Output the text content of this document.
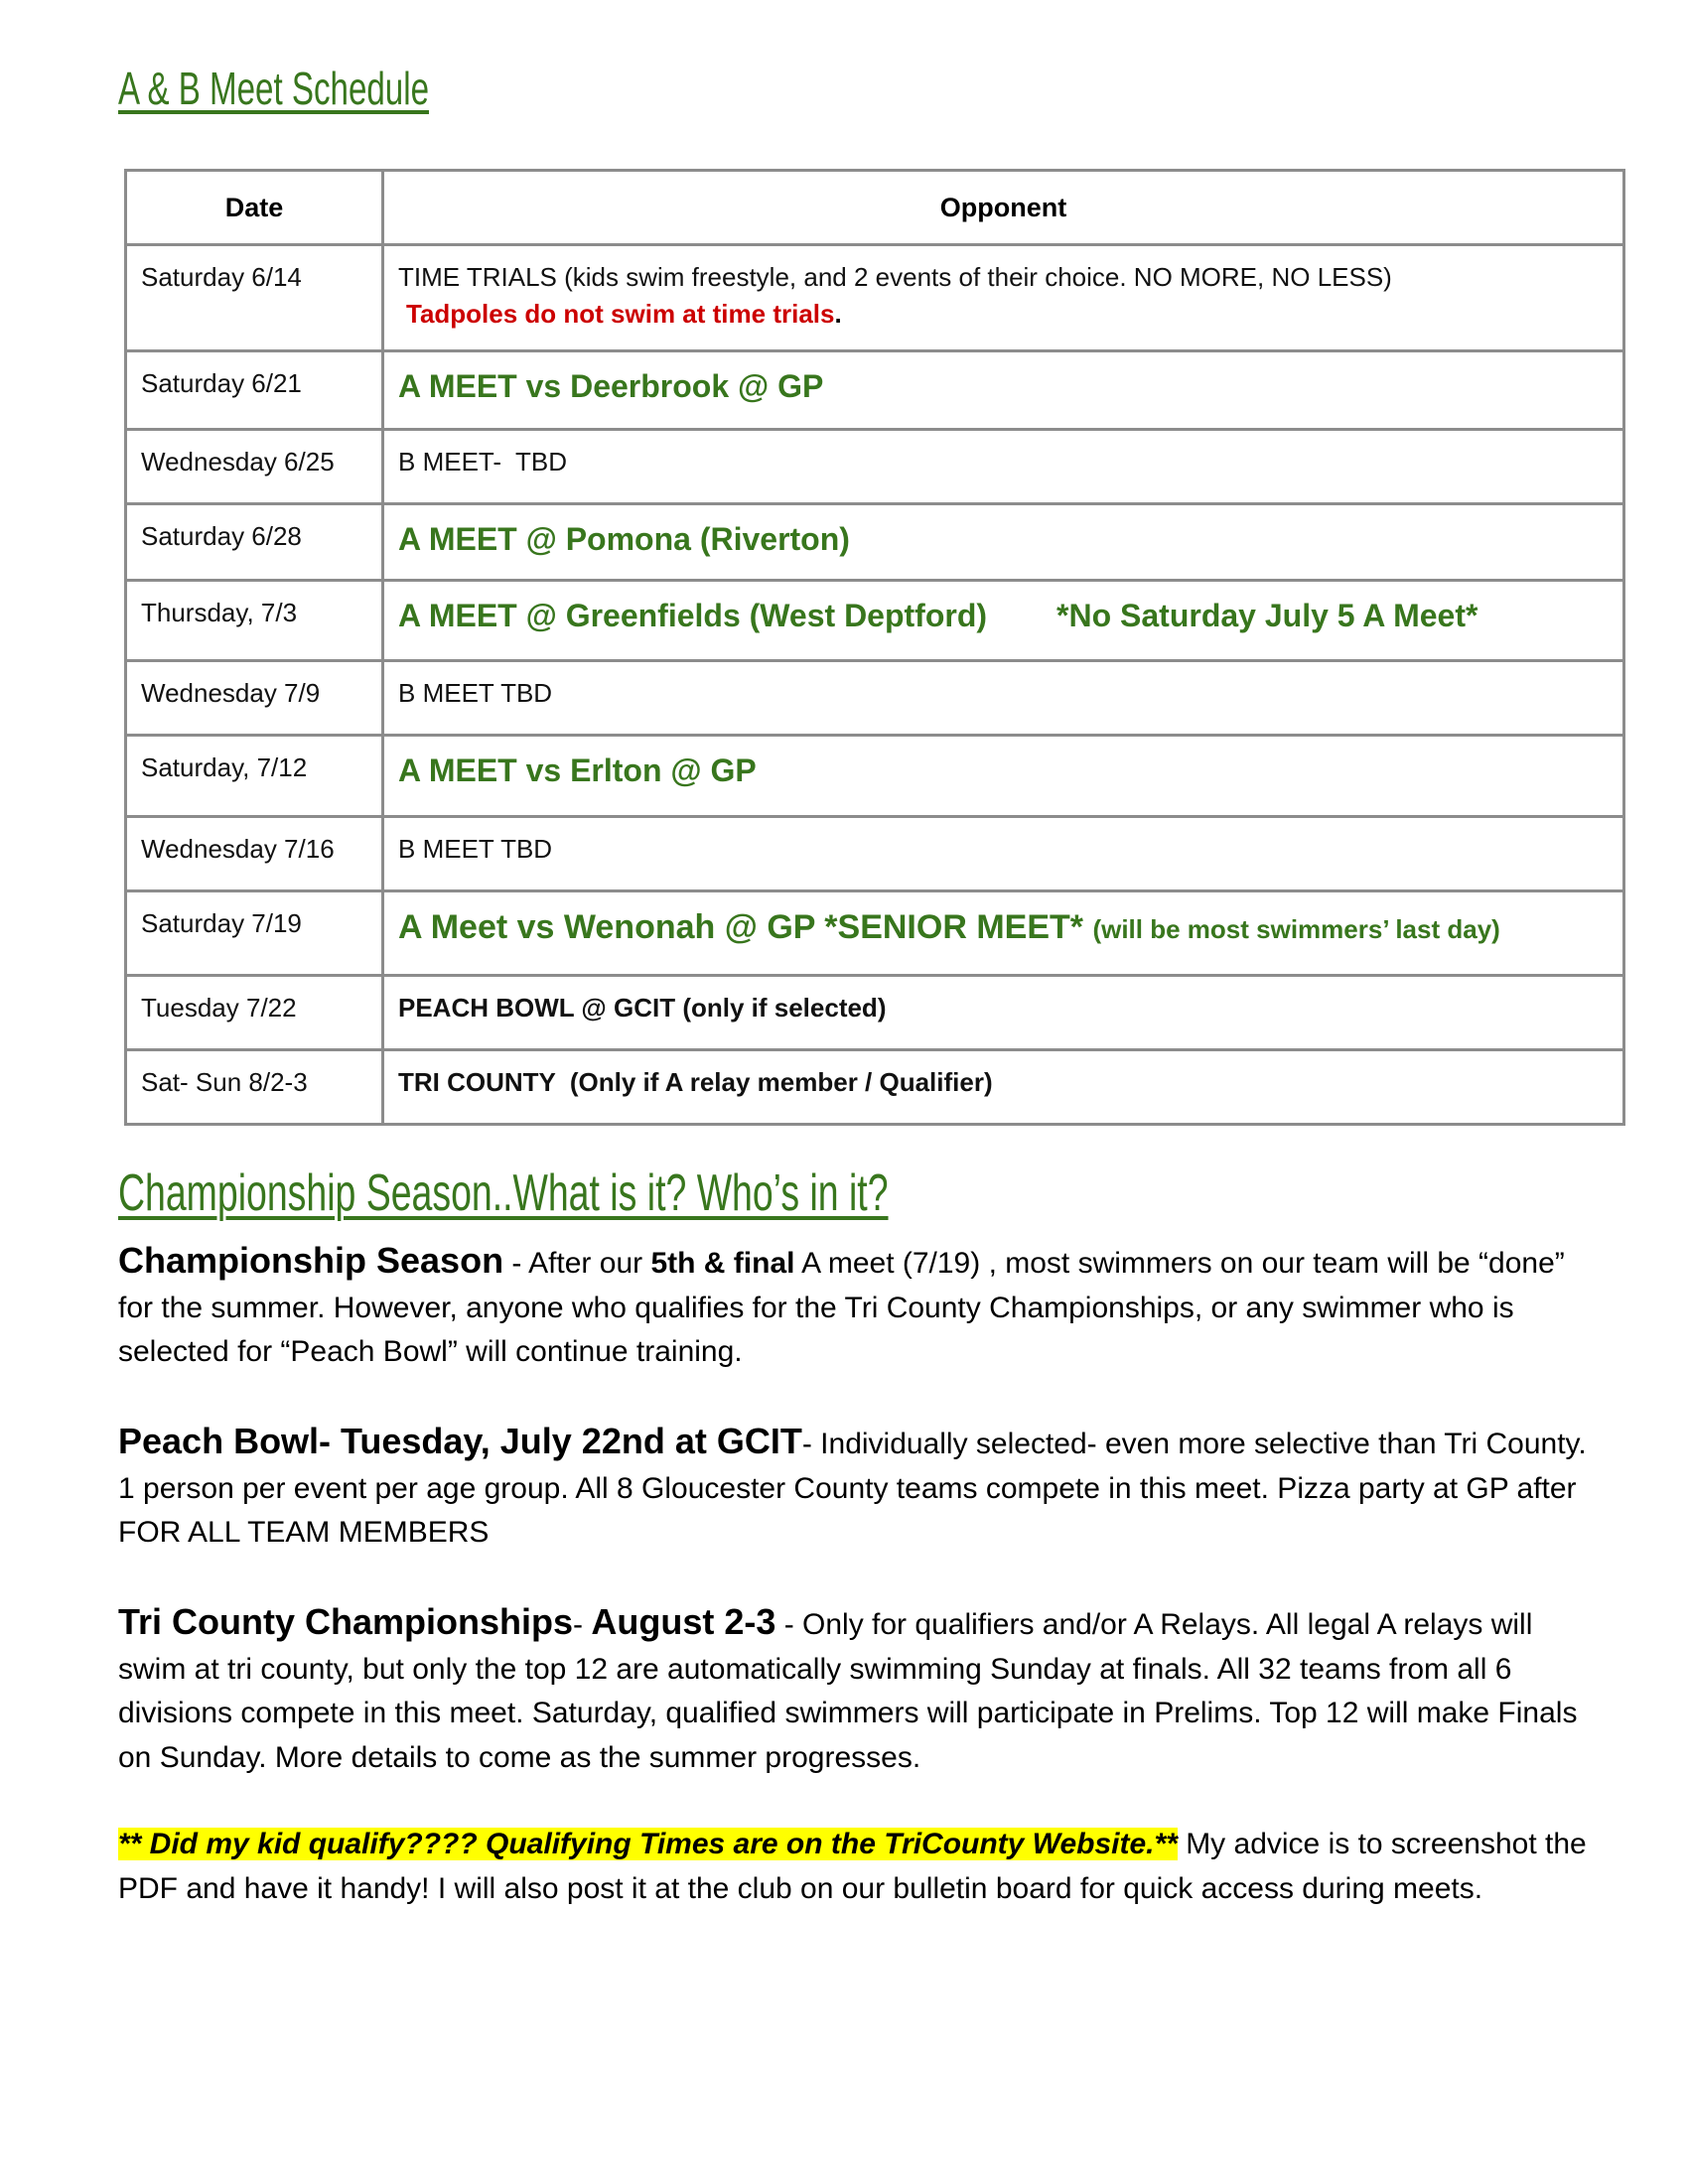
A & B Meet Schedule
Date	Opponent
Saturday 6/14	TIME TRIALS (kids swim freestyle, and 2 events of their choice. NO MORE, NO LESS)
Tadpoles do not swim at time trials.

Saturday 6/21	A MEET vs Deerbrook @ GP
Wednesday 6/25	B MEET-  TBD
Saturday 6/28	A MEET @ Pomona (Riverton)
Thursday, 7/3	A MEET @ Greenfields (West Deptford) *No Saturday July 5 A Meet*
Wednesday 7/9	B MEET TBD
Saturday, 7/12	A MEET vs Erlton @ GP
Wednesday 7/16	B MEET TBD
Saturday 7/19	A Meet vs Wenonah @ GP *SENIOR MEET* (will be most swimmers’ last day)
Tuesday 7/22	PEACH BOWL @ GCIT (only if selected)
Sat- Sun 8/2-3	TRI COUNTY  (Only if A relay member / Qualifier)
Championship Season..What is it? Who’s in it?
Championship Season - After our 5th & final A meet (7/19) , most swimmers on our team will be “done” for the summer. However, anyone who qualifies for the Tri County Championships, or any swimmer who is selected for “Peach Bowl” will continue training.
Peach Bowl- Tuesday, July 22nd at GCIT- Individually selected- even more selective than Tri County. 1 person per event per age group. All 8 Gloucester County teams compete in this meet. Pizza party at GP after FOR ALL TEAM MEMBERS
Tri County Championships- August 2-3 - Only for qualifiers and/or A Relays. All legal A relays will swim at tri county, but only the top 12 are automatically swimming Sunday at finals. All 32 teams from all 6 divisions compete in this meet. Saturday, qualified swimmers will participate in Prelims. Top 12 will make Finals on Sunday. More details to come as the summer progresses.
** Did my kid qualify???? Qualifying Times are on the TriCounty Website.** My advice is to screenshot the PDF and have it handy! I will also post it at the club on our bulletin board for quick access during meets.
